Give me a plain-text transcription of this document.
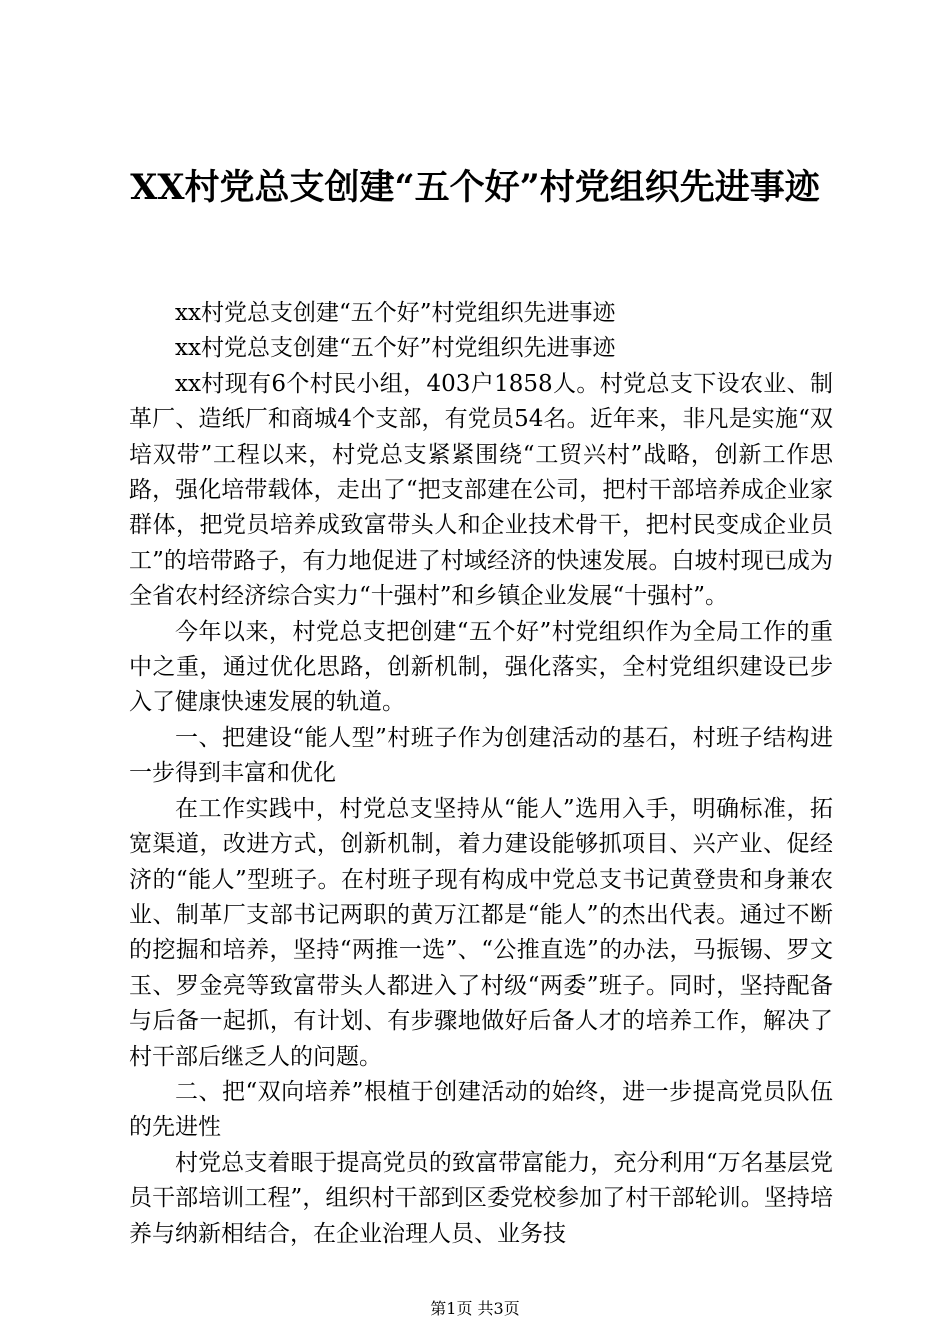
XX村党总支创建“五个好”村党组织先进事迹

xx村党总支创建“五个好”村党组织先进事迹

xx村党总支创建“五个好”村党组织先进事迹

xx村现有6个村民小组，403户1858人。村党总支下设农业、制革厂、造纸厂和商城4个支部，有党员54名。近年来，非凡是实施“双培双带”工程以来，村党总支紧紧围绕“工贸兴村”战略，创新工作思路，强化培带载体，走出了“把支部建在公司，把村干部培养成企业家群体，把党员培养成致富带头人和企业技术骨干，把村民变成企业员工”的培带路子，有力地促进了村域经济的快速发展。白坡村现已成为全省农村经济综合实力“十强村”和乡镇企业发展“十强村”。

今年以来，村党总支把创建“五个好”村党组织作为全局工作的重中之重，通过优化思路，创新机制，强化落实，全村党组织建设已步入了健康快速发展的轨道。

一、把建设“能人型”村班子作为创建活动的基石，村班子结构进一步得到丰富和优化

在工作实践中，村党总支坚持从“能人”选用入手，明确标准，拓宽渠道，改进方式，创新机制，着力建设能够抓项目、兴产业、促经济的“能人”型班子。在村班子现有构成中党总支书记黄登贵和身兼农业、制革厂支部书记两职的黄万江都是“能人”的杰出代表。通过不断的挖掘和培养，坚持“两推一选”、“公推直选”的办法，马振锡、罗文玉、罗金亮等致富带头人都进入了村级“两委”班子。同时，坚持配备与后备一起抓，有计划、有步骤地做好后备人才的培养工作，解决了村干部后继乏人的问题。

二、把“双向培养”根植于创建活动的始终，进一步提高党员队伍的先进性

村党总支着眼于提高党员的致富带富能力，充分利用“万名基层党员干部培训工程”，组织村干部到区委党校参加了村干部轮训。坚持培养与纳新相结合，在企业治理人员、业务技

第1页 共3页
